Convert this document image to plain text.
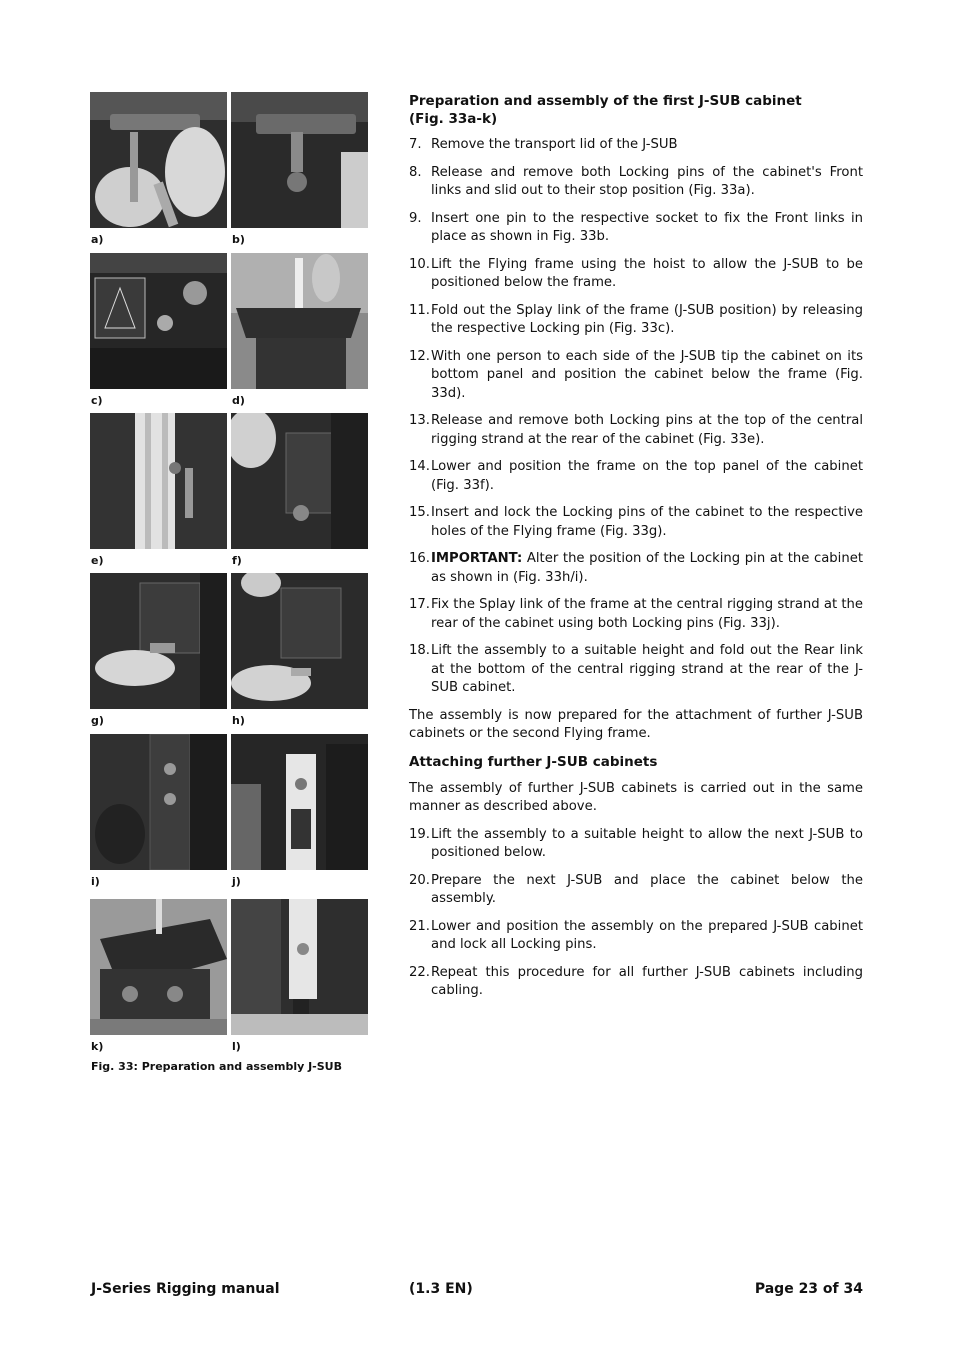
a)	b)
c)	d)
e)	f)
g)	h)
i)	j)
k)	l)
Fig. 33: Preparation and assembly J-SUB
Preparation and assembly of the first J-SUB cabinet
(Fig. 33a-k)
7. Remove the transport lid of the J-SUB
8. Release and remove both Locking pins of the cabinet's Front links and slid out to their stop position (Fig. 33a).
9. Insert one pin to the respective socket to fix the Front links in place as shown in Fig. 33b.
10. Lift the Flying frame using the hoist to allow the J-SUB to be positioned below the frame.
11. Fold out the Splay link of the frame (J-SUB position) by releasing the respective Locking pin (Fig. 33c).
12. With one person to each side of the J-SUB tip the cabinet on its bottom panel and position the cabinet below the frame (Fig. 33d).
13. Release and remove both Locking pins at the top of the central rigging strand at the rear of the cabinet (Fig. 33e).
14. Lower and position the frame on the top panel of the cabinet (Fig. 33f).
15. Insert and lock the Locking pins of the cabinet to the respective holes of the Flying frame (Fig. 33g).
16. IMPORTANT: Alter the position of the Locking pin at the cabinet as shown in (Fig. 33h/i).
17. Fix the Splay link of the frame at the central rigging strand at the rear of the cabinet using both Locking pins (Fig. 33j).
18. Lift the assembly to a suitable height and fold out the Rear link at the bottom of the central rigging strand at the rear of the J-SUB cabinet.

The assembly is now prepared for the attachment of further J-SUB cabinets or the second Flying frame.

Attaching further J-SUB cabinets

The assembly of further J-SUB cabinets is carried out in the same manner as described above.

19. Lift the assembly to a suitable height to allow the next J-SUB to positioned below.
20. Prepare the next J-SUB and place the cabinet below the assembly.
21. Lower and position the assembly on the prepared J-SUB cabinet and lock all Locking pins.
22. Repeat this procedure for all further J-SUB cabinets including cabling.
J-Series Rigging manual	(1.3 EN)	Page 23 of 34
